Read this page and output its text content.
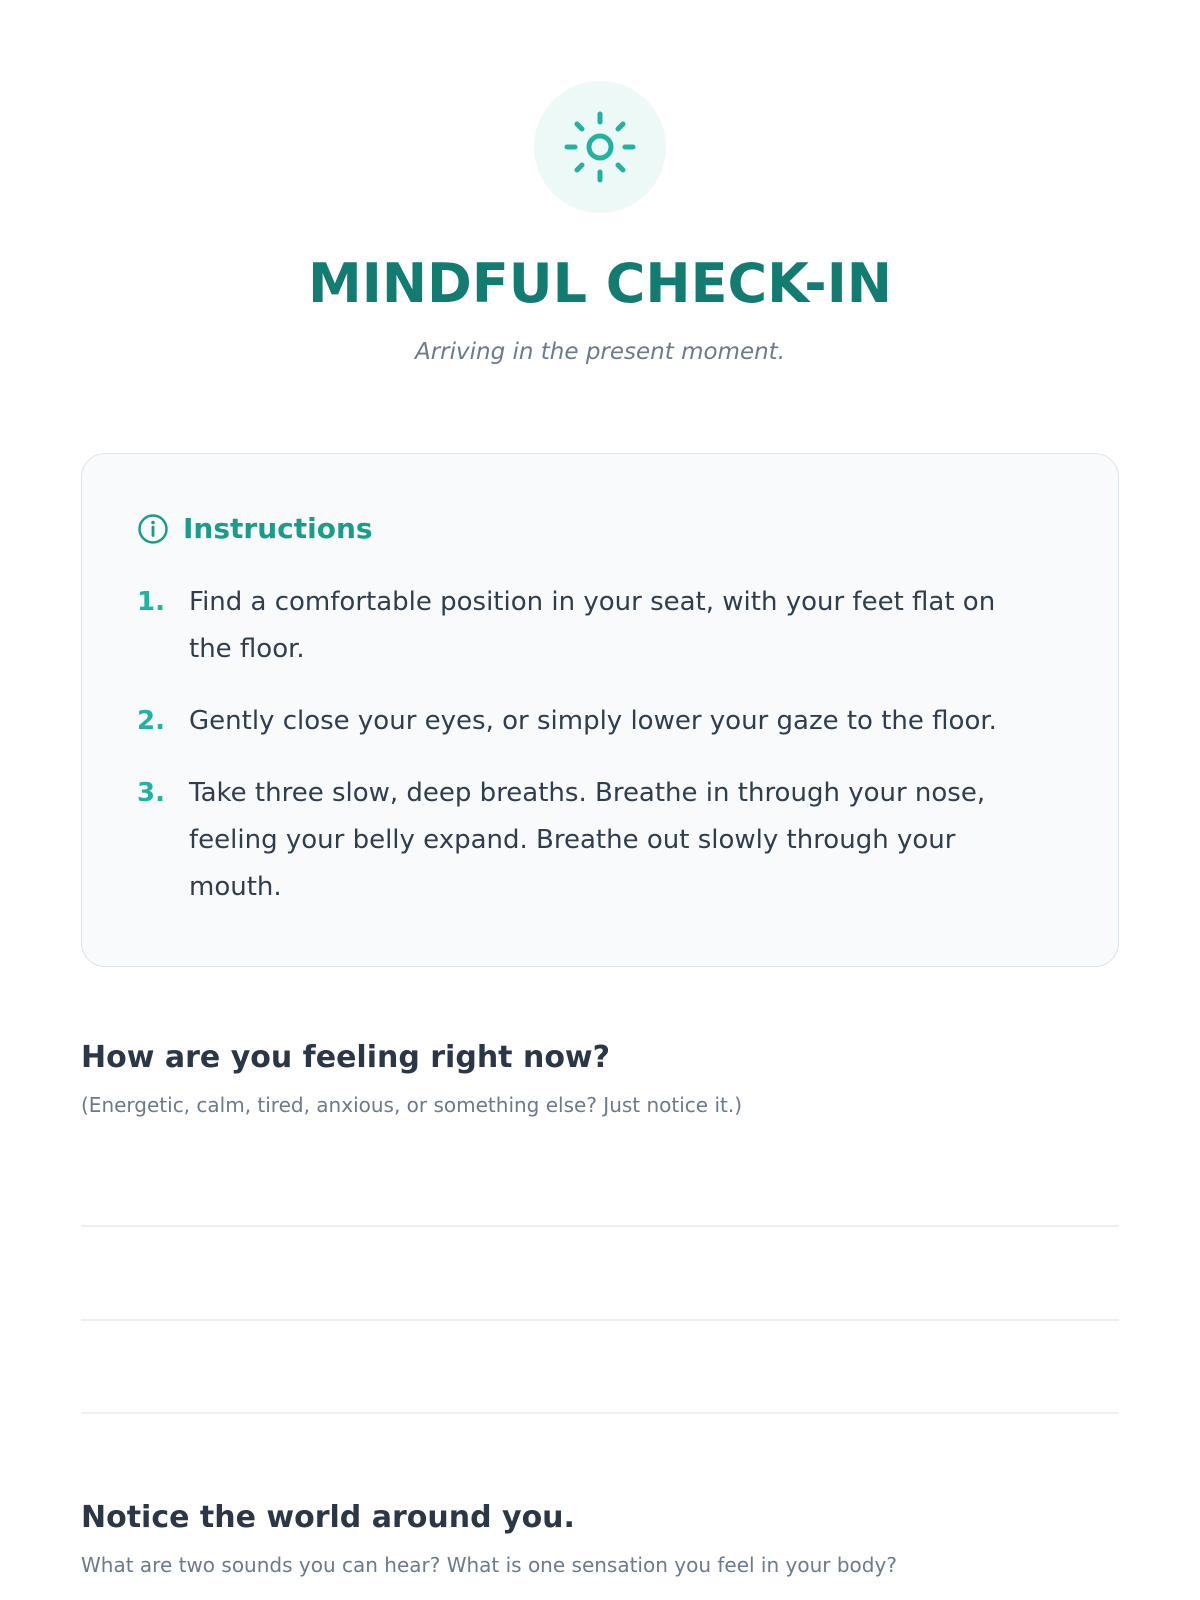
MINDFUL CHECK-IN
Arriving in the present moment.
Instructions
1. Find a comfortable position in your seat, with your feet flat on the floor.
2. Gently close your eyes, or simply lower your gaze to the floor.
3. Take three slow, deep breaths. Breathe in through your nose, feeling your belly expand. Breathe out slowly through your mouth.
How are you feeling right now?
(Energetic, calm, tired, anxious, or something else? Just notice it.)
Notice the world around you.
What are two sounds you can hear? What is one sensation you feel in your body?
